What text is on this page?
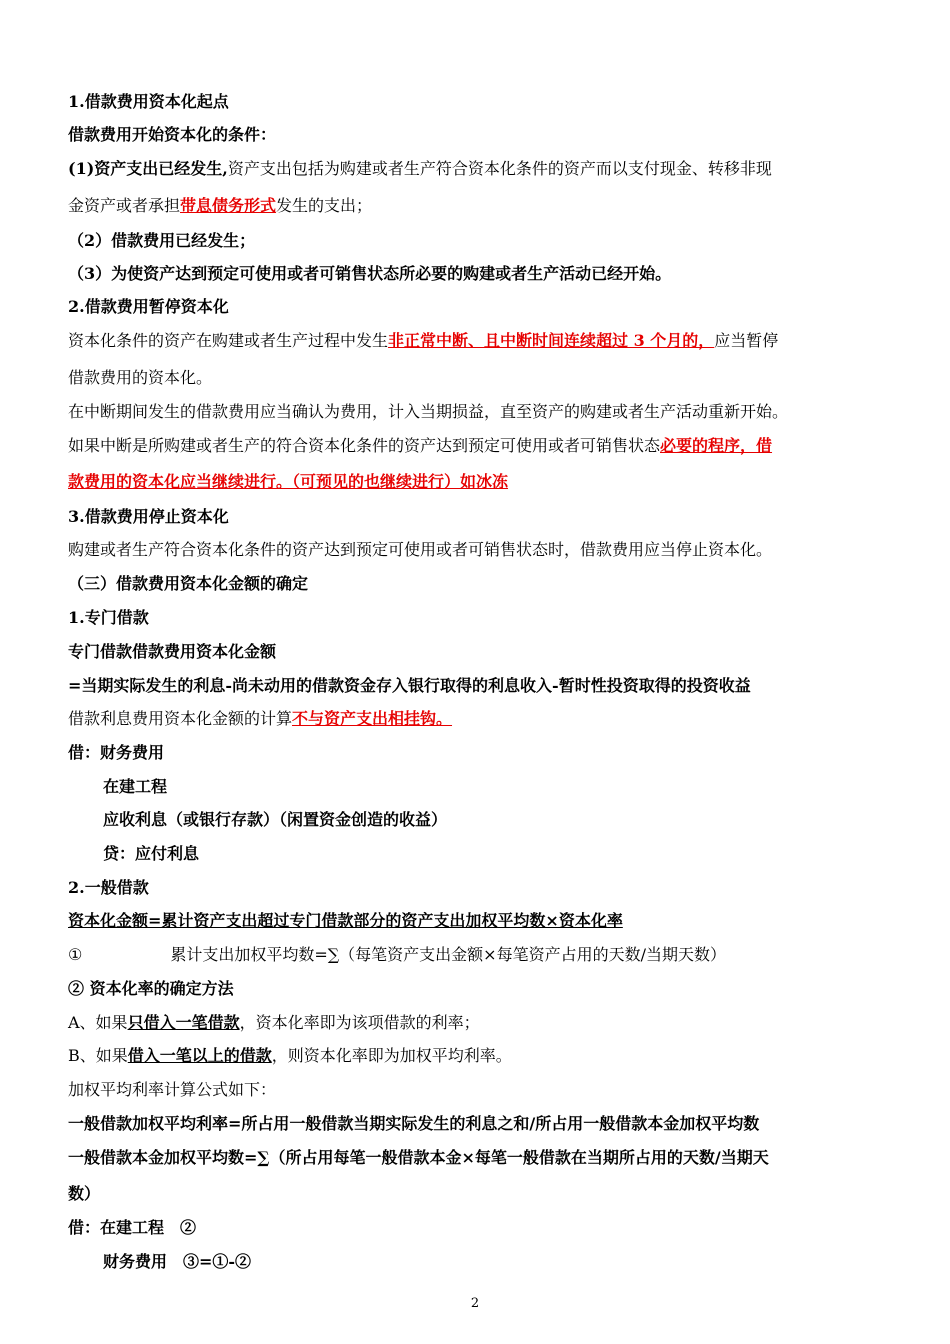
1.借款费用资本化起点
借款费用开始资本化的条件：
(1)资产支出已经发生,资产支出包括为购建或者生产符合资本化条件的资产而以支付现金、转移非现
金资产或者承担带息债务形式发生的支出；
（2）借款费用已经发生；
（3）为使资产达到预定可使用或者可销售状态所必要的购建或者生产活动已经开始。
2.借款费用暂停资本化
资本化条件的资产在购建或者生产过程中发生非正常中断、且中断时间连续超过 3 个月的，应当暂停
借款费用的资本化。
在中断期间发生的借款费用应当确认为费用，计入当期损益，直至资产的购建或者生产活动重新开始。
如果中断是所购建或者生产的符合资本化条件的资产达到预定可使用或者可销售状态必要的程序，借
款费用的资本化应当继续进行。（可预见的也继续进行）如冰冻
3.借款费用停止资本化
购建或者生产符合资本化条件的资产达到预定可使用或者可销售状态时，借款费用应当停止资本化。
（三）借款费用资本化金额的确定
1.专门借款
专门借款借款费用资本化金额
=当期实际发生的利息-尚未动用的借款资金存入银行取得的利息收入-暂时性投资取得的投资收益
借款利息费用资本化金额的计算不与资产支出相挂钩。
借：财务费用
在建工程
应收利息（或银行存款）（闲置资金创造的收益）
贷：应付利息
2.一般借款
资本化金额=累计资产支出超过专门借款部分的资产支出加权平均数×资本化率
①	累计支出加权平均数=∑（每笔资产支出金额×每笔资产占用的天数/当期天数）
② 资本化率的确定方法
A、如果只借入一笔借款，资本化率即为该项借款的利率；
B、如果借入一笔以上的借款，则资本化率即为加权平均利率。
加权平均利率计算公式如下：
一般借款加权平均利率=所占用一般借款当期实际发生的利息之和/所占用一般借款本金加权平均数
一般借款本金加权平均数=∑（所占用每笔一般借款本金×每笔一般借款在当期所占用的天数/当期天
数）
借：在建工程　②
财务费用　③=①-②
2
